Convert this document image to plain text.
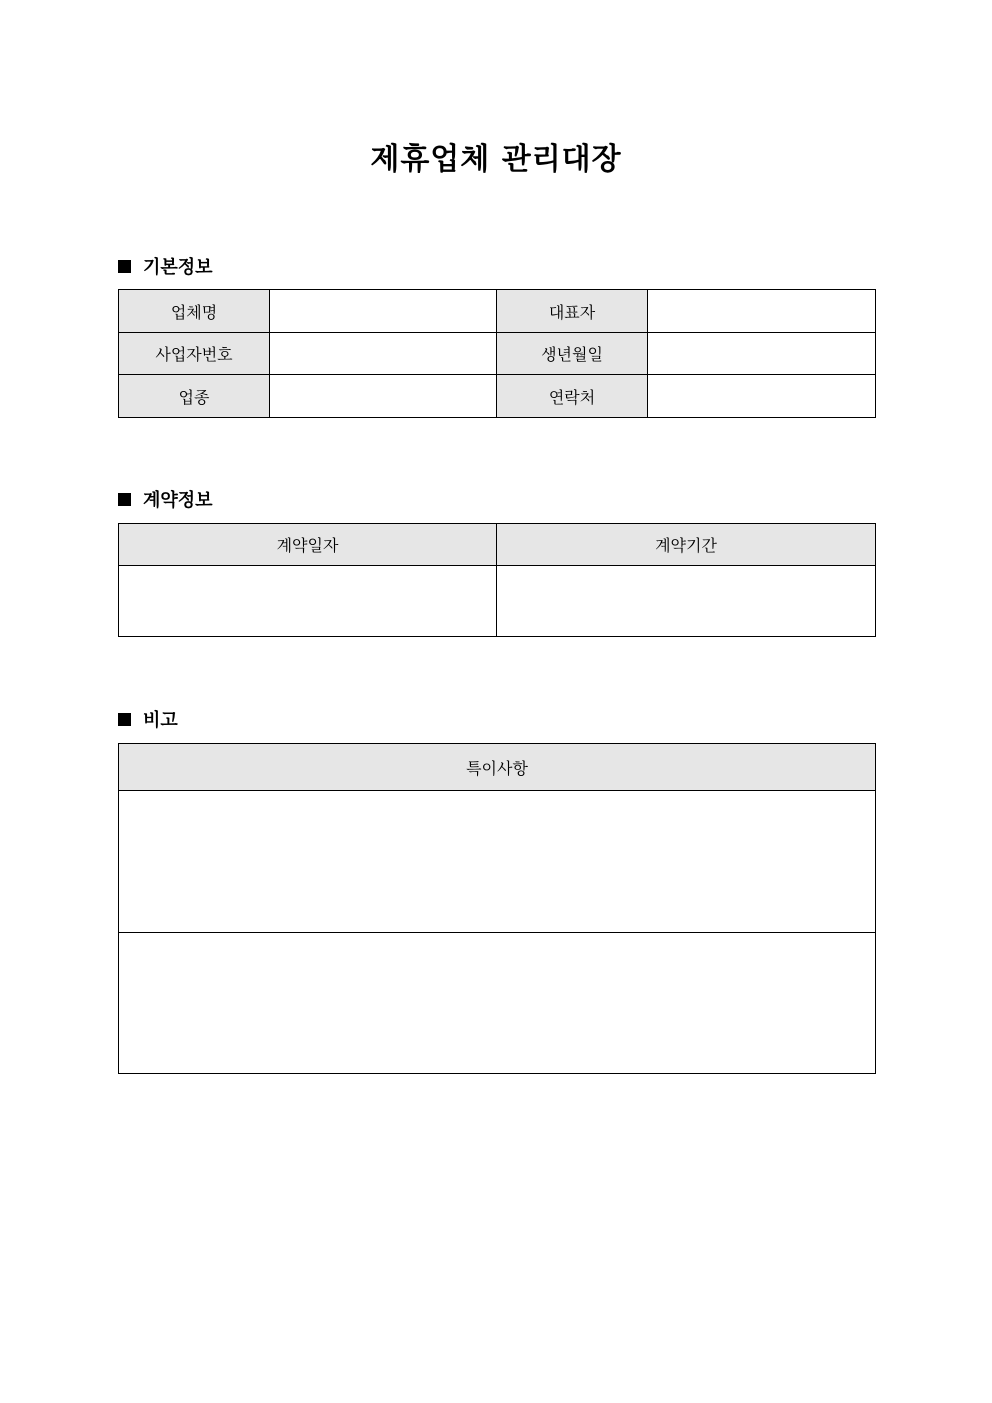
제휴업체 관리대장
기본정보
업체명		대표자	
사업자번호		생년월일	
업종		연락처	
계약정보
계약일자	계약기간

비고
특이사항
